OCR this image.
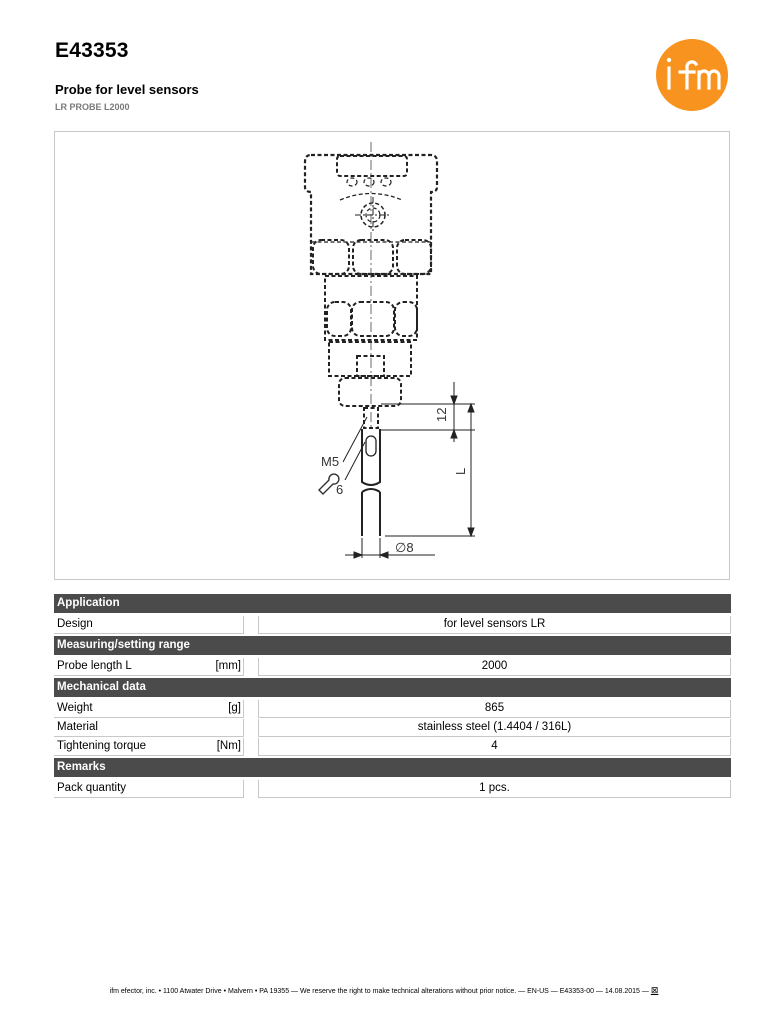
E43353
Probe for level sensors
LR PROBE L2000	ifm
M5
6
12
L
∅8
Application
Design	for level sensors LR
Measuring/setting range
Probe length L	[mm]	2000
Mechanical data
Weight	[g]	865
Material	stainless steel (1.4404 / 316L)
Tightening torque	[Nm]	4
Remarks
Pack quantity	1 pcs.
ifm efector, inc. • 1100 Atwater Drive • Malvern • PA 19355 — We reserve the right to make technical alterations without prior notice. — EN-US — E43353-00 — 14.08.2015 — ⊠
